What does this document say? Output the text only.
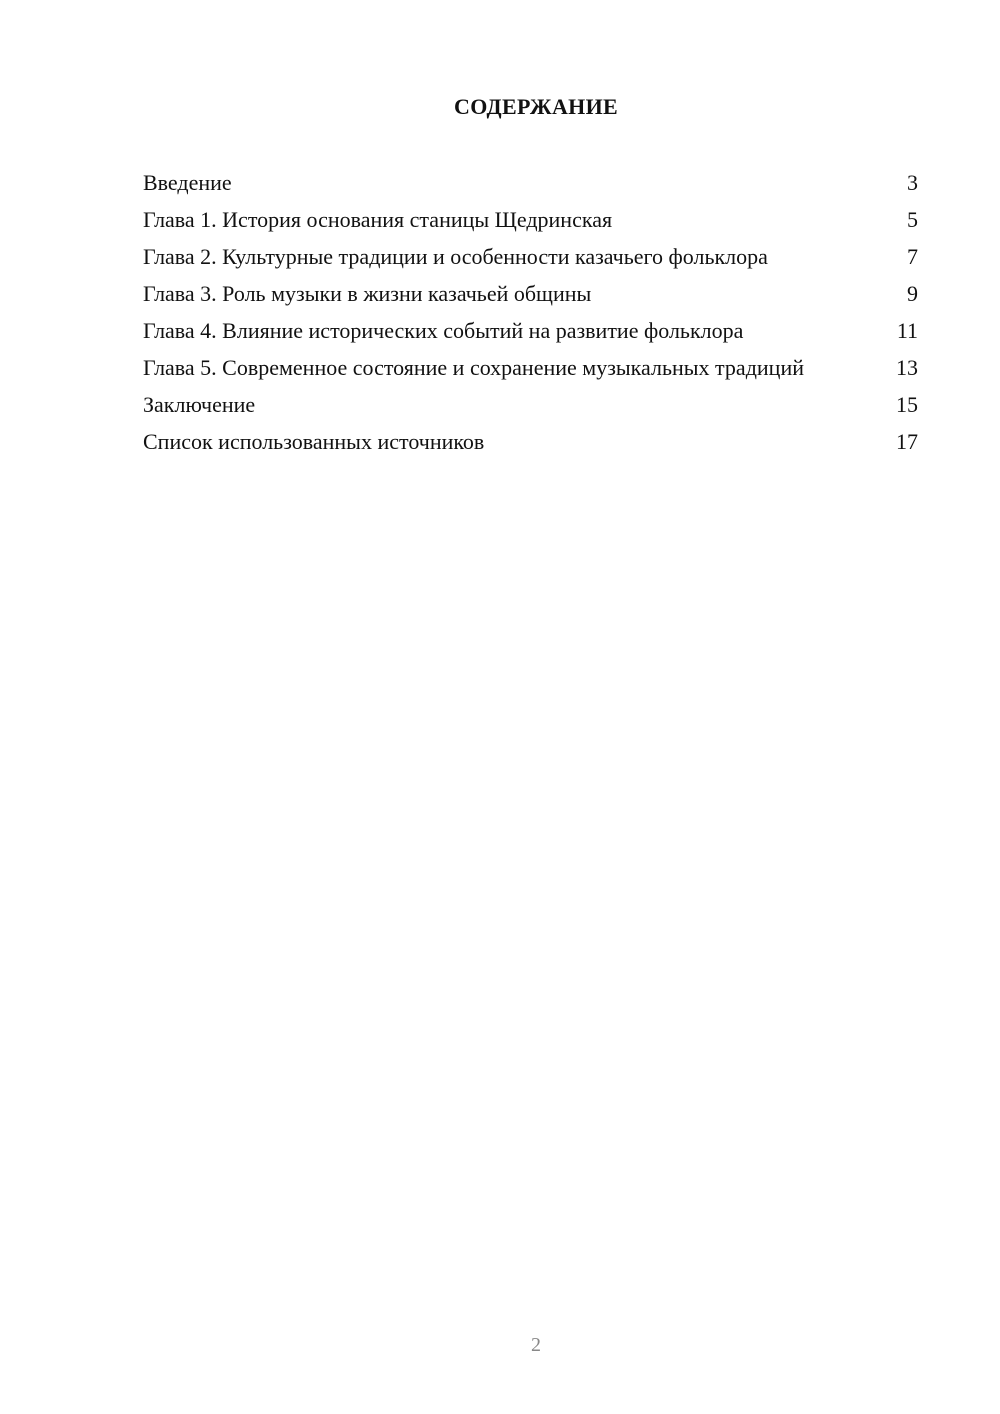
СОДЕРЖАНИЕ
Введение	3
Глава 1. История основания станицы Щедринская	5
Глава 2. Культурные традиции и особенности казачьего фольклора	7
Глава 3. Роль музыки в жизни казачьей общины	9
Глава 4. Влияние исторических событий на развитие фольклора	11
Глава 5. Современное состояние и сохранение музыкальных традиций	13
Заключение	15
Список использованных источников	17
2
